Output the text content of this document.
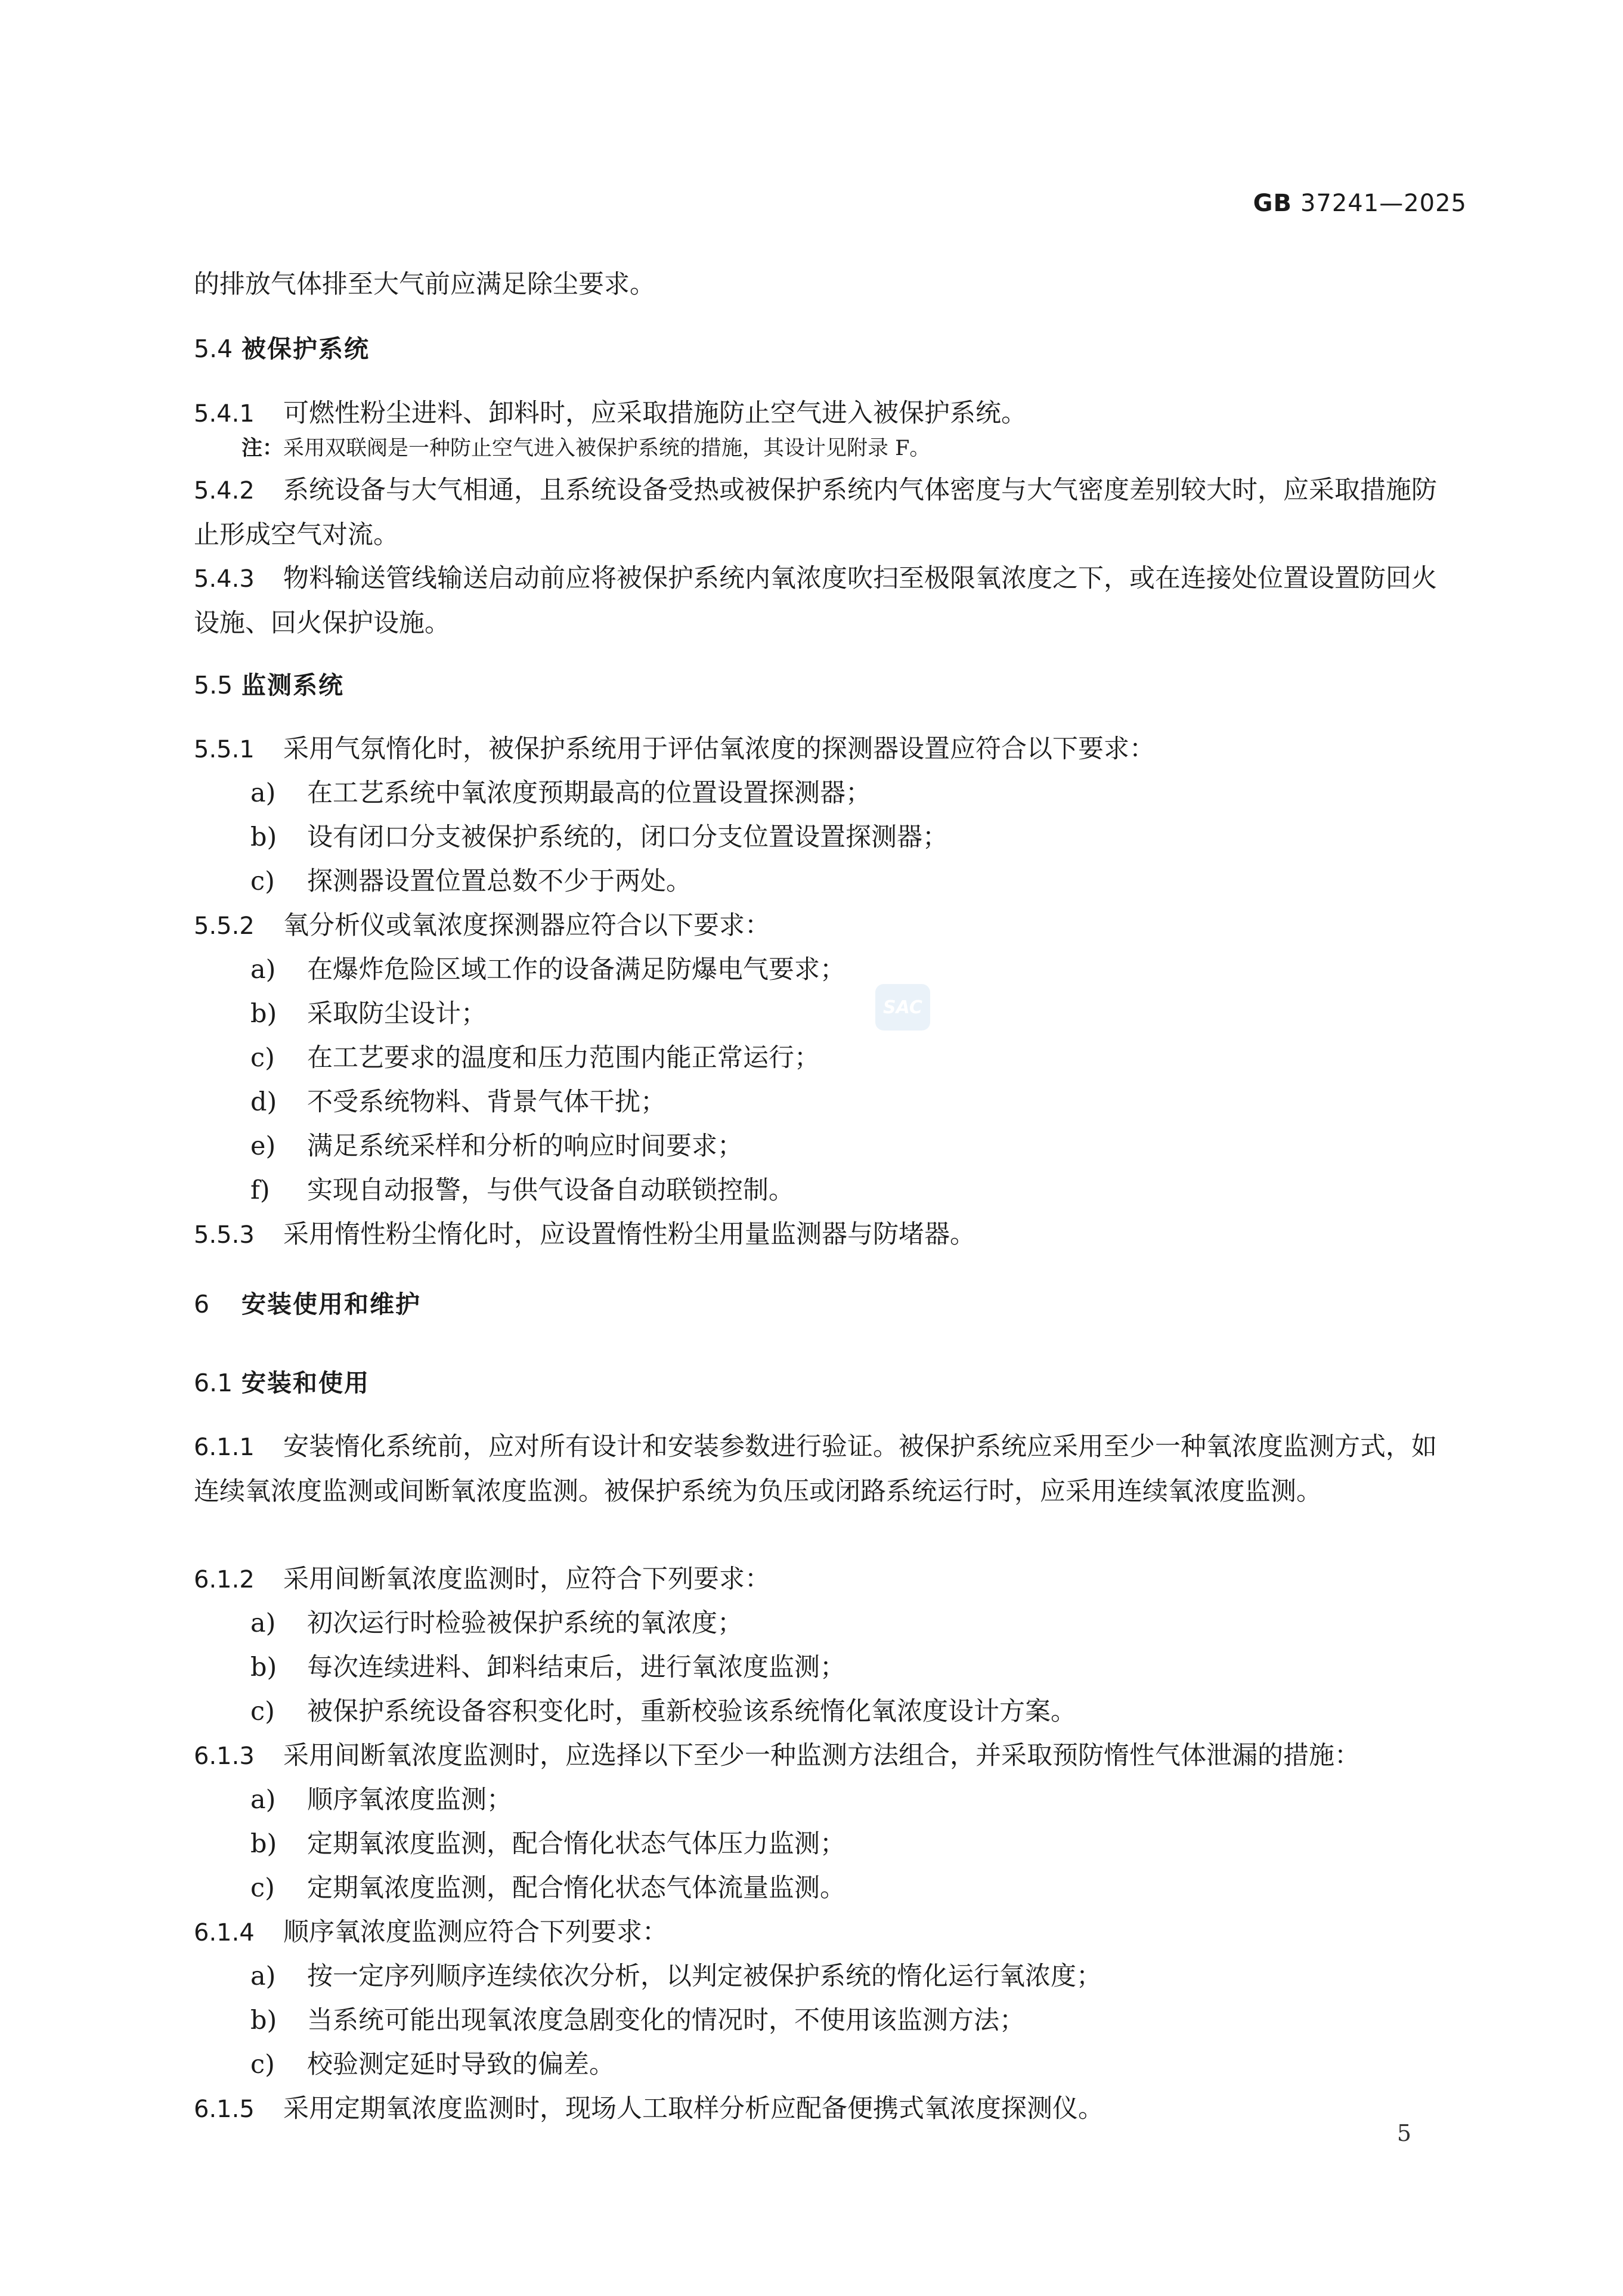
GB 37241—2025
的排放气体排至大气前应满足除尘要求。
5.4 被保护系统
5.4.1 可燃性粉尘进料、卸料时，应采取措施防止空气进入被保护系统。
注：采用双联阀是一种防止空气进入被保护系统的措施，其设计见附录 F。
5.4.2 系统设备与大气相通，且系统设备受热或被保护系统内气体密度与大气密度差别较大时，应采取措施防止形成空气对流。
5.4.3 物料输送管线输送启动前应将被保护系统内氧浓度吹扫至极限氧浓度之下，或在连接处位置设置防回火设施、回火保护设施。
5.5 监测系统
5.5.1 采用气氛惰化时，被保护系统用于评估氧浓度的探测器设置应符合以下要求：
a) 在工艺系统中氧浓度预期最高的位置设置探测器；
b) 设有闭口分支被保护系统的，闭口分支位置设置探测器；
c) 探测器设置位置总数不少于两处。
5.5.2 氧分析仪或氧浓度探测器应符合以下要求：
a) 在爆炸危险区域工作的设备满足防爆电气要求；
b) 采取防尘设计；
c) 在工艺要求的温度和压力范围内能正常运行；
d) 不受系统物料、背景气体干扰；
e) 满足系统采样和分析的响应时间要求；
f) 实现自动报警，与供气设备自动联锁控制。
5.5.3 采用惰性粉尘惰化时，应设置惰性粉尘用量监测器与防堵器。
6 安装使用和维护
6.1 安装和使用
6.1.1 安装惰化系统前，应对所有设计和安装参数进行验证。被保护系统应采用至少一种氧浓度监测方式，如连续氧浓度监测或间断氧浓度监测。被保护系统为负压或闭路系统运行时，应采用连续氧浓度监测。
6.1.2 采用间断氧浓度监测时，应符合下列要求：
a) 初次运行时检验被保护系统的氧浓度；
b) 每次连续进料、卸料结束后，进行氧浓度监测；
c) 被保护系统设备容积变化时，重新校验该系统惰化氧浓度设计方案。
6.1.3 采用间断氧浓度监测时，应选择以下至少一种监测方法组合，并采取预防惰性气体泄漏的措施：
a) 顺序氧浓度监测；
b) 定期氧浓度监测，配合惰化状态气体压力监测；
c) 定期氧浓度监测，配合惰化状态气体流量监测。
6.1.4 顺序氧浓度监测应符合下列要求：
a) 按一定序列顺序连续依次分析，以判定被保护系统的惰化运行氧浓度；
b) 当系统可能出现氧浓度急剧变化的情况时，不使用该监测方法；
c) 校验测定延时导致的偏差。
6.1.5 采用定期氧浓度监测时，现场人工取样分析应配备便携式氧浓度探测仪。
SAC
5
